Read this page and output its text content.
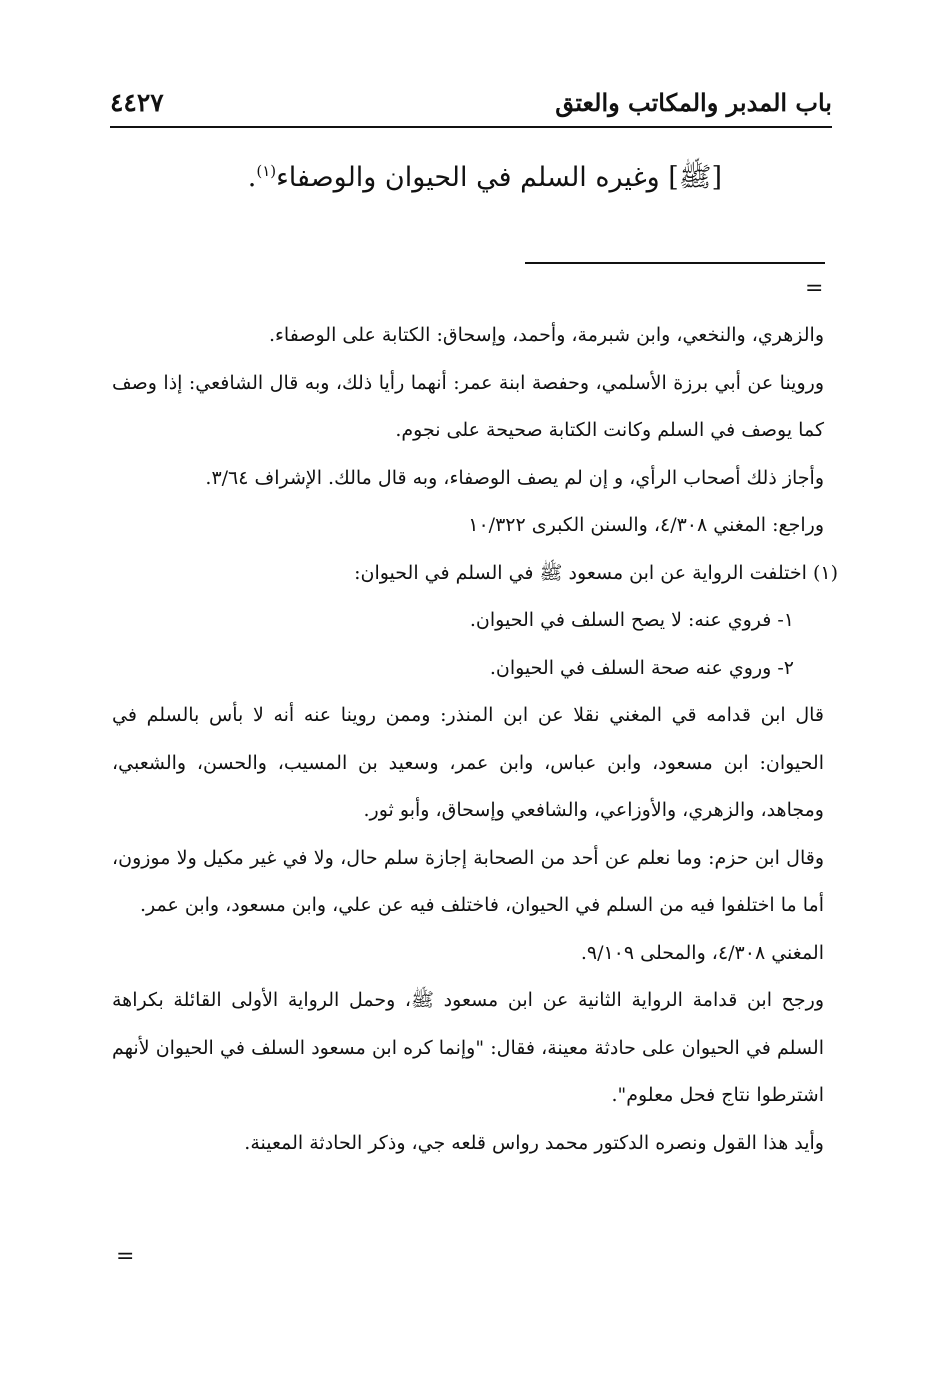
باب المدبر والمكاتب والعتق
٤٤٢٧
[ﷺ] وغيره السلم في الحيوان والوصفاء$^{(١)}$.
=

والزهري، والنخعي، وابن شبرمة، وأحمد، وإسحاق: الكتابة على الوصفاء.

وروينا عن أبي برزة الأسلمي، وحفصة ابنة عمر: أنهما رأيا ذلك، وبه قال الشافعي: إذا وصف كما يوصف في السلم وكانت الكتابة صحيحة على نجوم.

وأجاز ذلك أصحاب الرأي، و إن لم يصف الوصفاء، وبه قال مالك. الإشراف ٣/٦٤.

وراجع: المغني ٤/٣٠٨، والسنن الكبرى ١٠/٣٢٢

(١) اختلفت الرواية عن ابن مسعود ﷺ في السلم في الحيوان:

١- فروي عنه: لا يصح السلف في الحيوان.

٢- وروي عنه صحة السلف في الحيوان.

قال ابن قدامه قي المغني نقلا عن ابن المنذر: وممن روينا عنه أنه لا بأس بالسلم في الحيوان: ابن مسعود، وابن عباس، وابن عمر، وسعيد بن المسيب، والحسن، والشعبي، ومجاهد، والزهري، والأوزاعي، والشافعي وإسحاق، وأبو ثور.

وقال ابن حزم: وما نعلم عن أحد من الصحابة إجازة سلم حال، ولا في غير مكيل ولا موزون، أما ما اختلفوا فيه من السلم في الحيوان، فاختلف فيه عن علي، وابن مسعود، وابن عمر.

المغني ٤/٣٠٨، والمحلى ٩/١٠٩.

ورجح ابن قدامة الرواية الثانية عن ابن مسعود ﷺ، وحمل الرواية الأولى القائلة بكراهة السلم في الحيوان على حادثة معينة، فقال: "وإنما كره ابن مسعود السلف في الحيوان لأنهم اشترطوا نتاج فحل معلوم".

وأيد هذا القول ونصره الدكتور محمد رواس قلعه جي، وذكر الحادثة المعينة.

=
